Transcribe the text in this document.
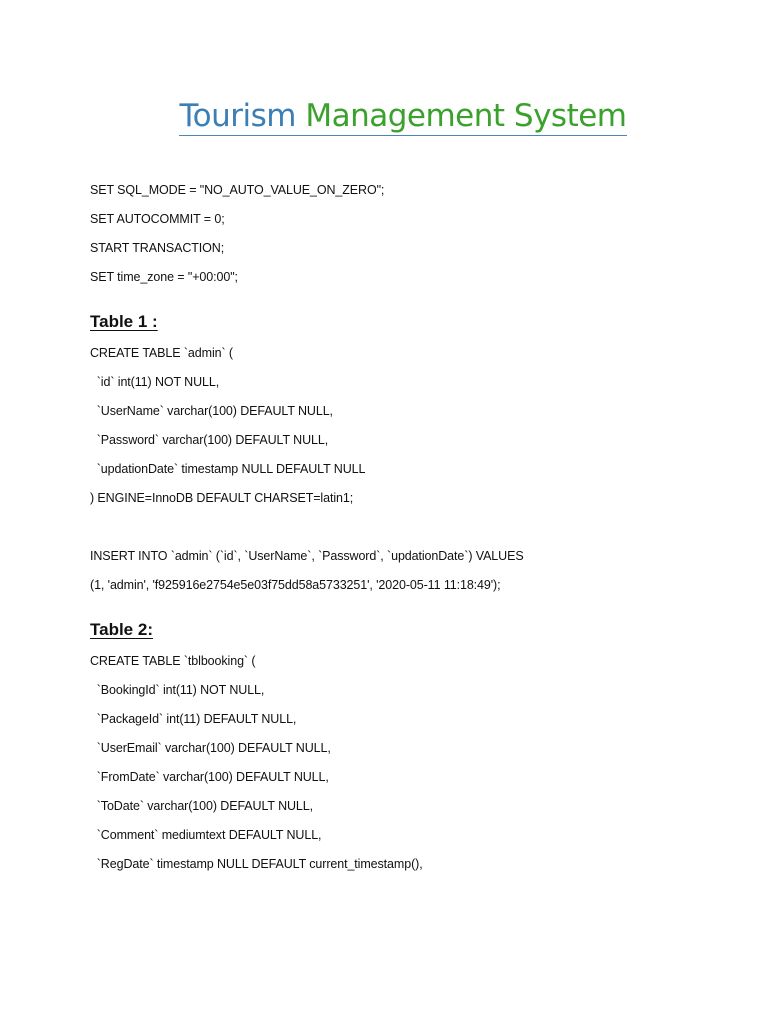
Tourism Management System
SET SQL_MODE = "NO_AUTO_VALUE_ON_ZERO";
SET AUTOCOMMIT = 0;
START TRANSACTION;
SET time_zone = "+00:00";
Table 1 :
CREATE TABLE `admin` (
`id` int(11) NOT NULL,
`UserName` varchar(100) DEFAULT NULL,
`Password` varchar(100) DEFAULT NULL,
`updationDate` timestamp NULL DEFAULT NULL
) ENGINE=InnoDB DEFAULT CHARSET=latin1;
INSERT INTO `admin` (`id`, `UserName`, `Password`, `updationDate`) VALUES
(1, 'admin', 'f925916e2754e5e03f75dd58a5733251', '2020-05-11 11:18:49');
Table 2:
CREATE TABLE `tblbooking` (
`BookingId` int(11) NOT NULL,
`PackageId` int(11) DEFAULT NULL,
`UserEmail` varchar(100) DEFAULT NULL,
`FromDate` varchar(100) DEFAULT NULL,
`ToDate` varchar(100) DEFAULT NULL,
`Comment` mediumtext DEFAULT NULL,
`RegDate` timestamp NULL DEFAULT current_timestamp(),
